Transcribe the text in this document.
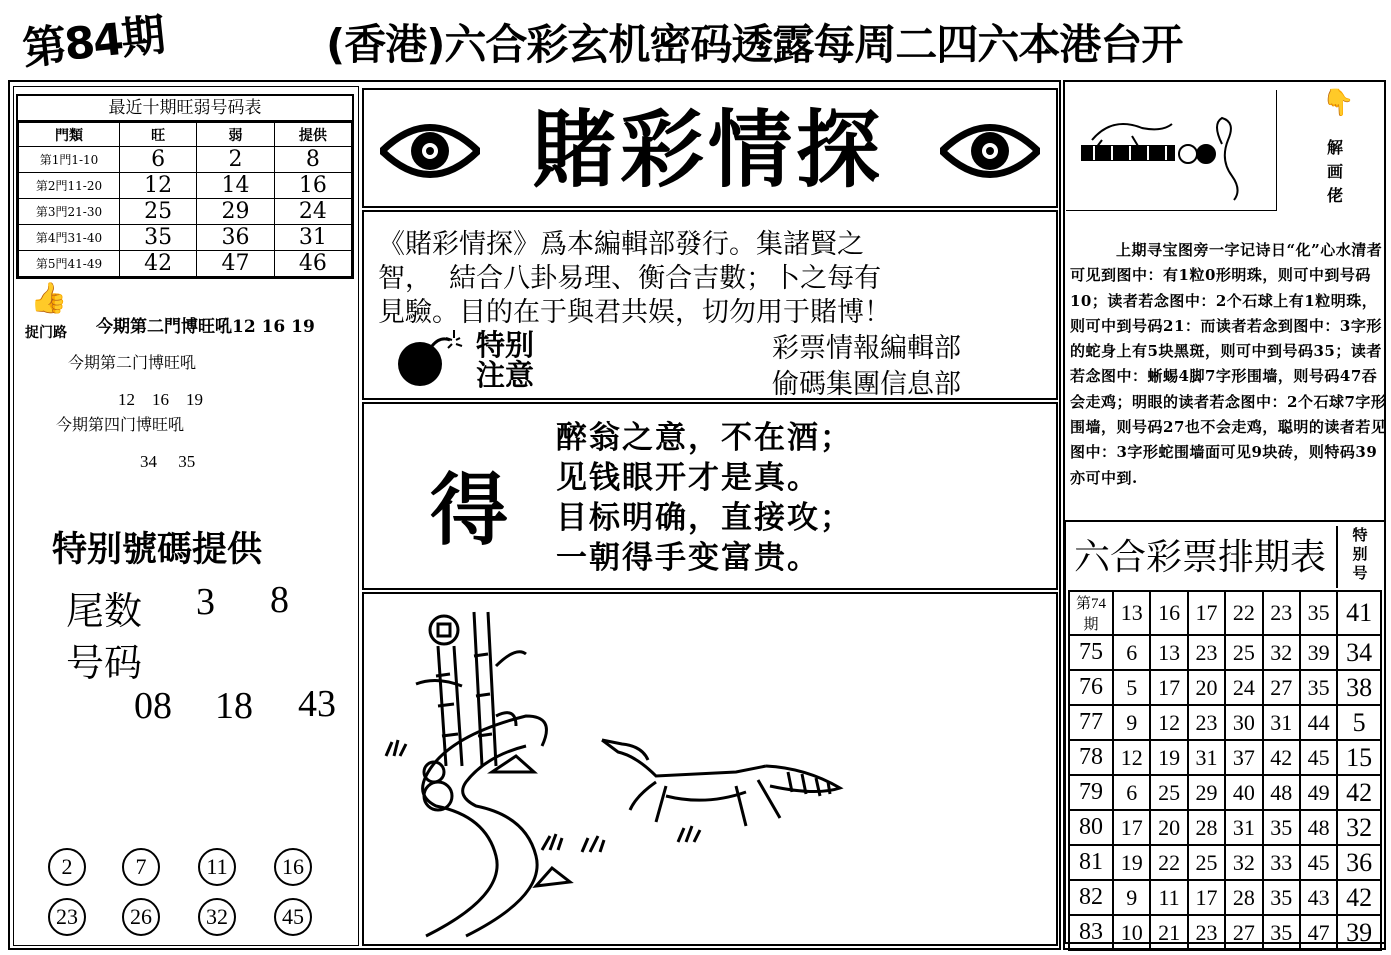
第84期	(香港)六合彩玄机密码透露每周二四六本港台开
最近十期旺弱号码表
門類	旺	弱	提供
第1門1-10	6	2	8
第2門11-20	12	14	16
第3門21-30	25	29	24
第4門31-40	35	36	31
第5門41-49	42	47	46
👍
捉门路 今期第二門博旺吼12 16 19
今期第二门博旺吼
12    16    19
今期第四门博旺吼
34     35
特别號碼提供
尾数 3 8
号码
08 18 43
2	7	11	16
23	26	32	45
賭彩情探
《賭彩情探》爲本編輯部發行。集諸賢之
智，  結合八卦易理、衡合吉數；卜之每有
見驗。目的在于與君共娱，切勿用于賭博！
特别
注意
彩票情報編輯部
偷碼集團信息部
得
醉翁之意，不在酒；
见钱眼开才是真。
目标明确，直接攻；
一朝得手变富贵。
👇
解画佬
上期寻宝图旁一字记诗日“化”心水清者可见到图中：有1粒0形明珠，则可中到号码10；读者若念图中：2个石球上有1粒明珠，则可中到号码21：而读者若念到图中：3字形的蛇身上有5块黑斑，则可中到号码35；读者若念图中：蜥蜴4脚7字形围墙，则号码47吞会走鸡；明眼的读者若念图中：2个石球7字形围墙，则号码27也不会走鸡，聪明的读者若见图中：3字形蛇围墙面可见9块砖，则特码39亦可中到.
六合彩票排期表
特
别
号
第74期	13	16	17	22	23	35	41
75	6	13	23	25	32	39	34
76	5	17	20	24	27	35	38
77	9	12	23	30	31	44	5
78	12	19	31	37	42	45	15
79	6	25	29	40	48	49	42
80	17	20	28	31	35	48	32
81	19	22	25	32	33	45	36
82	9	11	17	28	35	43	42
83	10	21	23	27	35	47	39
